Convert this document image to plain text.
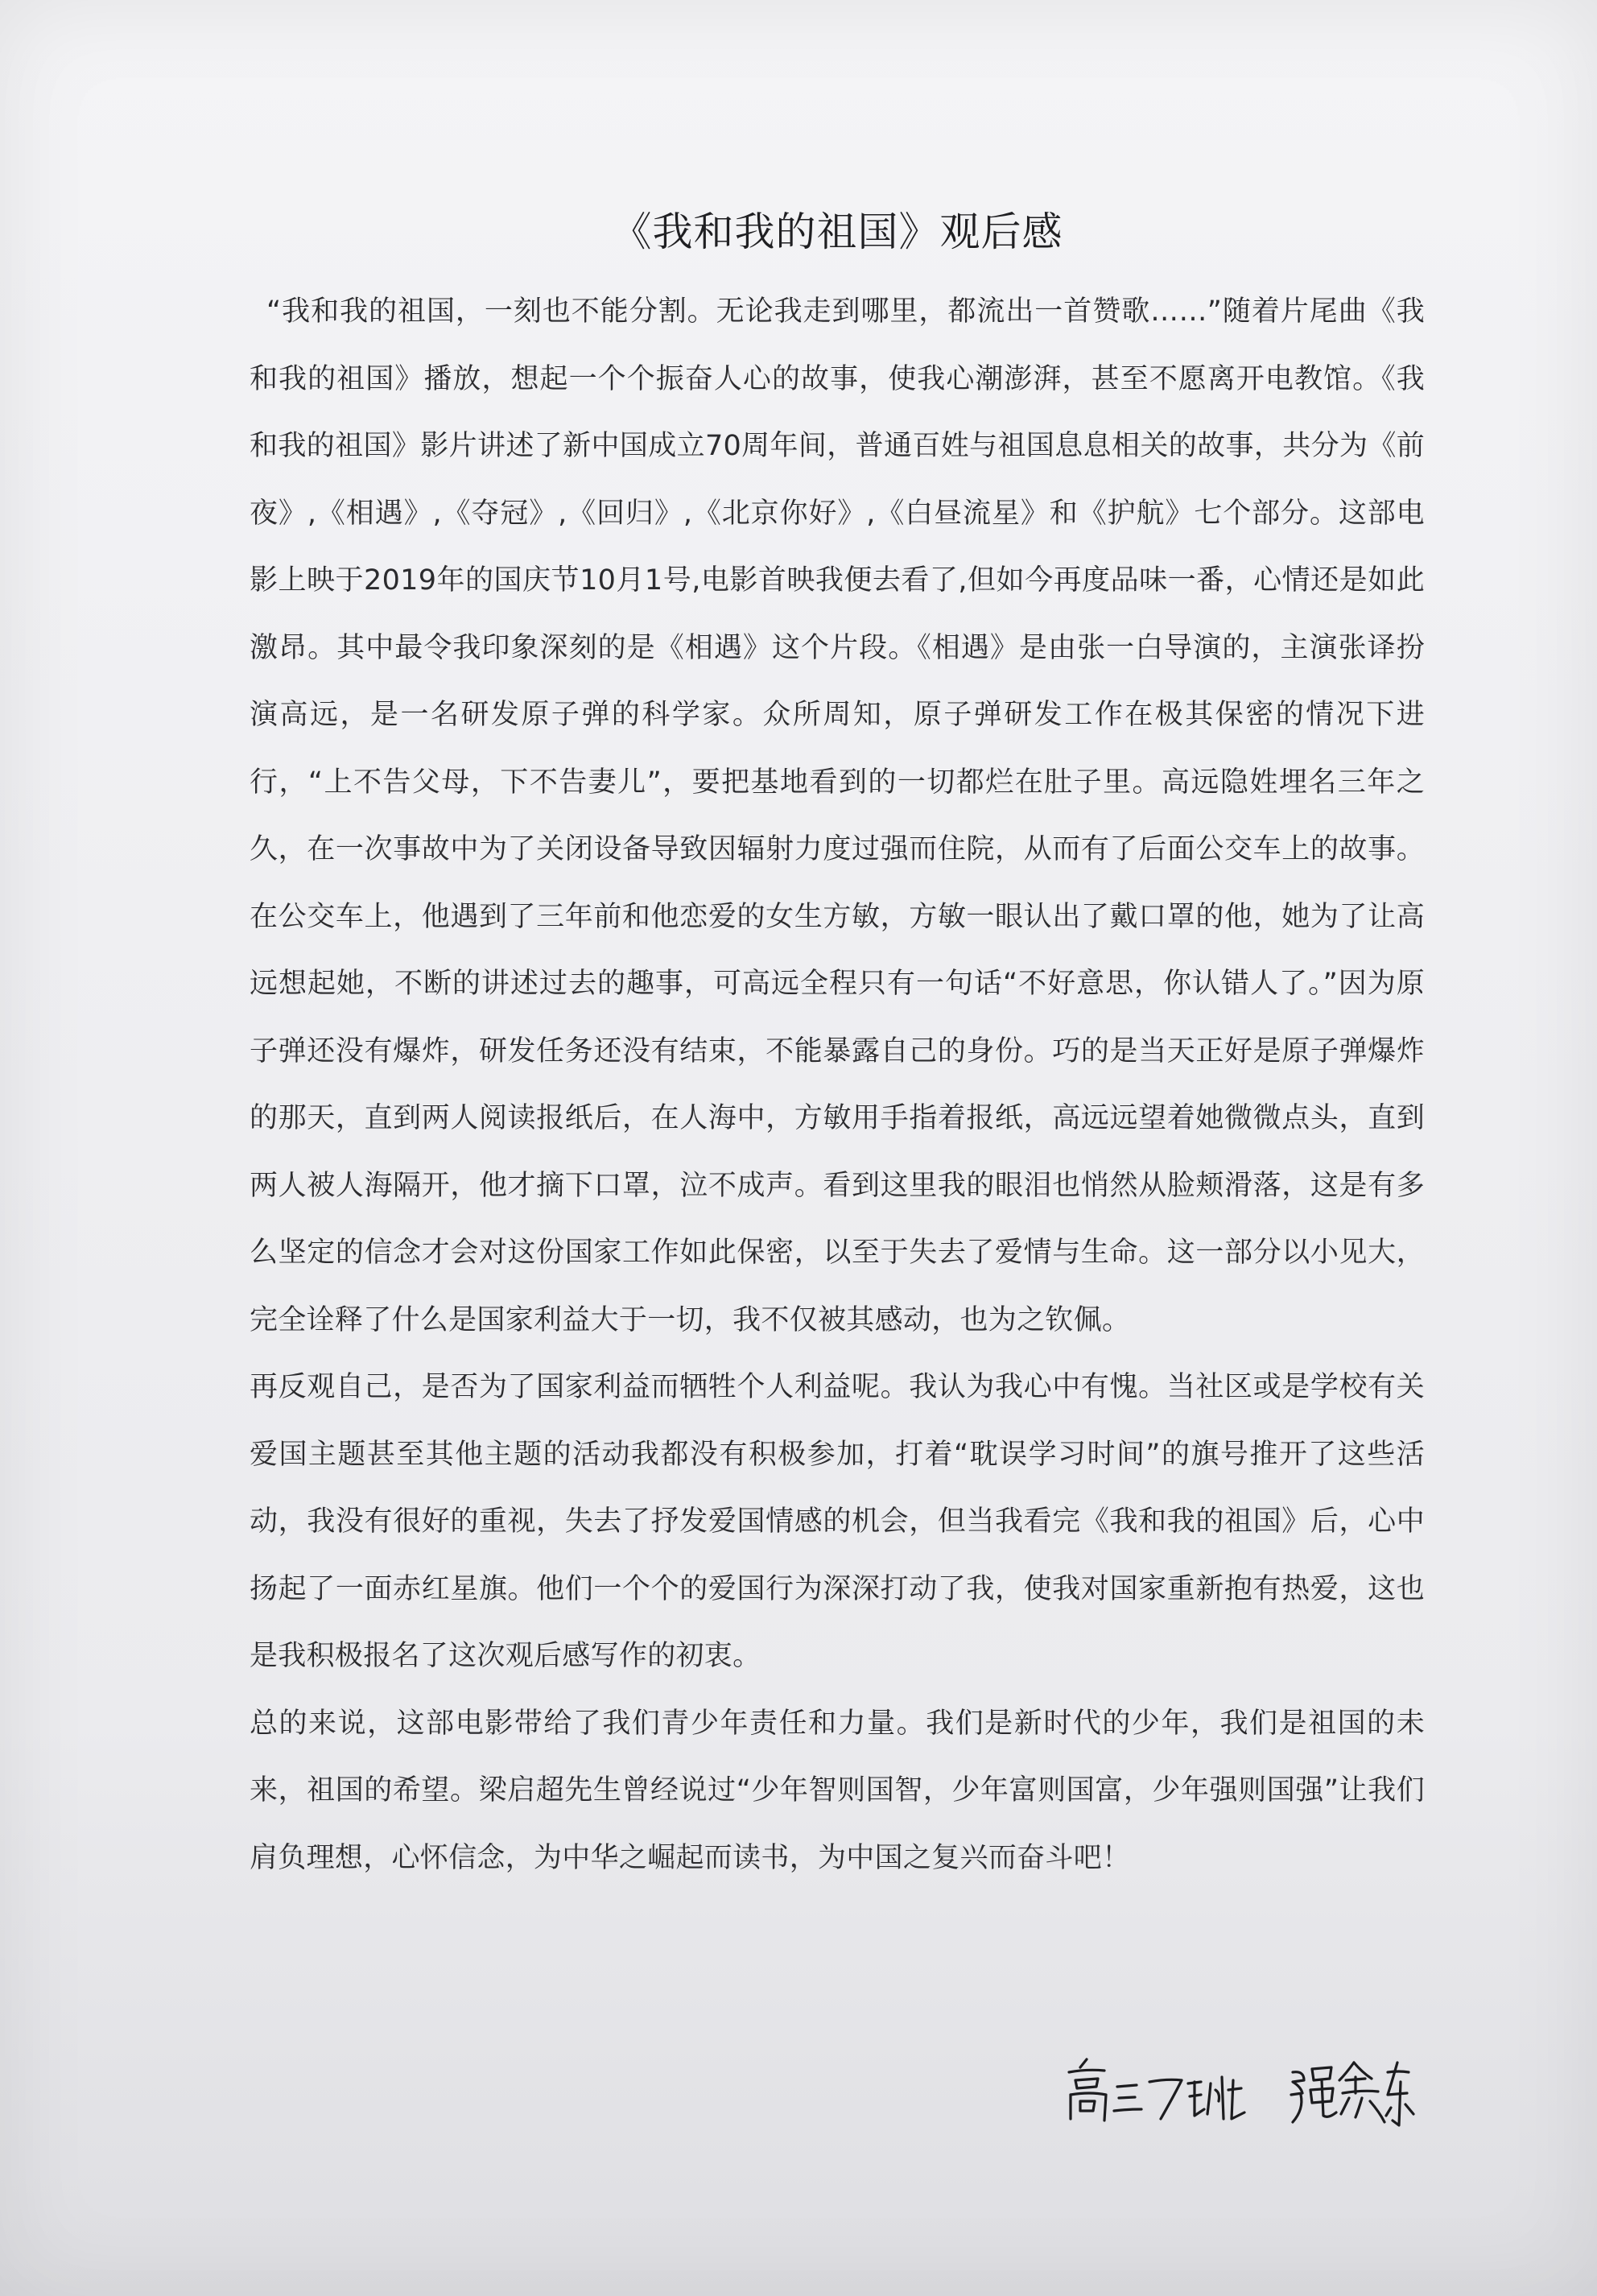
《我和我的祖国》观后感

“我和我的祖国，一刻也不能分割。无论我走到哪里，都流出一首赞歌……”随着片尾曲《我和我的祖国》播放，想起一个个振奋人心的故事，使我心潮澎湃，甚至不愿离开电教馆。《我和我的祖国》影片讲述了新中国成立70周年间，普通百姓与祖国息息相关的故事，共分为《前夜》,《相遇》,《夺冠》,《回归》,《北京你好》,《白昼流星》和《护航》七个部分。这部电影上映于2019年的国庆节10月1号,电影首映我便去看了,但如今再度品味一番，心情还是如此激昂。其中最令我印象深刻的是《相遇》这个片段。《相遇》是由张一白导演的，主演张译扮演高远，是一名研发原子弹的科学家。众所周知，原子弹研发工作在极其保密的情况下进行，“上不告父母，下不告妻儿”，要把基地看到的一切都烂在肚子里。高远隐姓埋名三年之久，在一次事故中为了关闭设备导致因辐射力度过强而住院，从而有了后面公交车上的故事。在公交车上，他遇到了三年前和他恋爱的女生方敏，方敏一眼认出了戴口罩的他，她为了让高远想起她，不断的讲述过去的趣事，可高远全程只有一句话“不好意思，你认错人了。”因为原子弹还没有爆炸，研发任务还没有结束，不能暴露自己的身份。巧的是当天正好是原子弹爆炸的那天，直到两人阅读报纸后，在人海中，方敏用手指着报纸，高远远望着她微微点头，直到两人被人海隔开，他才摘下口罩，泣不成声。看到这里我的眼泪也悄然从脸颊滑落，这是有多么坚定的信念才会对这份国家工作如此保密，以至于失去了爱情与生命。这一部分以小见大，完全诠释了什么是国家利益大于一切，我不仅被其感动，也为之钦佩。

再反观自己，是否为了国家利益而牺牲个人利益呢。我认为我心中有愧。当社区或是学校有关爱国主题甚至其他主题的活动我都没有积极参加，打着“耽误学习时间”的旗号推开了这些活动，我没有很好的重视，失去了抒发爱国情感的机会，但当我看完《我和我的祖国》后，心中扬起了一面赤红星旗。他们一个个的爱国行为深深打动了我，使我对国家重新抱有热爱，这也是我积极报名了这次观后感写作的初衷。

总的来说，这部电影带给了我们青少年责任和力量。我们是新时代的少年，我们是祖国的未来，祖国的希望。梁启超先生曾经说过“少年智则国智，少年富则国富，少年强则国强”让我们肩负理想，心怀信念，为中华之崛起而读书，为中国之复兴而奋斗吧！
